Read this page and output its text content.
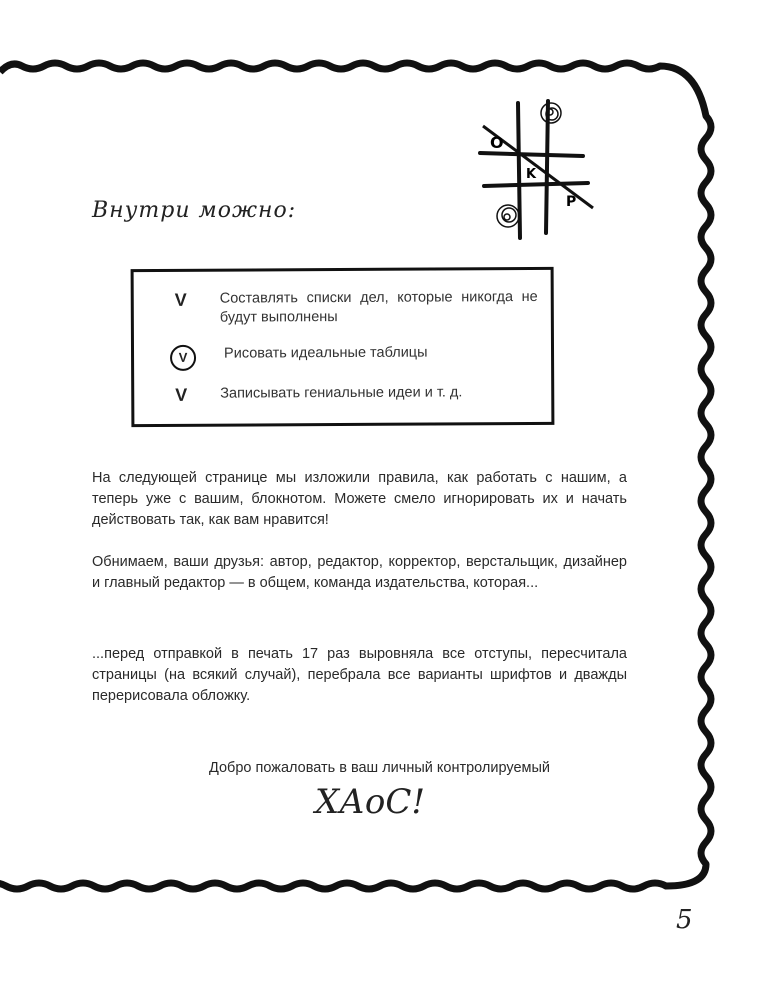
O
K
P
Внутри можно:
V	Составлять списки дел, которые никогда не будут выполнены
V	Рисовать идеальные таблицы
V	Записывать гениальные идеи и т. д.

На следующей странице мы изложили правила, как работать с нашим, а теперь уже с вашим, блокнотом. Можете смело игнорировать их и начать действовать так, как вам нравится!

Обнимаем, ваши друзья: автор, редактор, корректор, верстальщик, дизайнер и главный редактор — в общем, команда издательства, которая...

...перед отправкой в печать 17 раз выровняла все отступы, пересчитала страницы (на всякий случай), перебрала все варианты шрифтов и дважды перерисовала обложку.

Добро пожаловать в ваш личный контролируемый
ХАоС!
5
